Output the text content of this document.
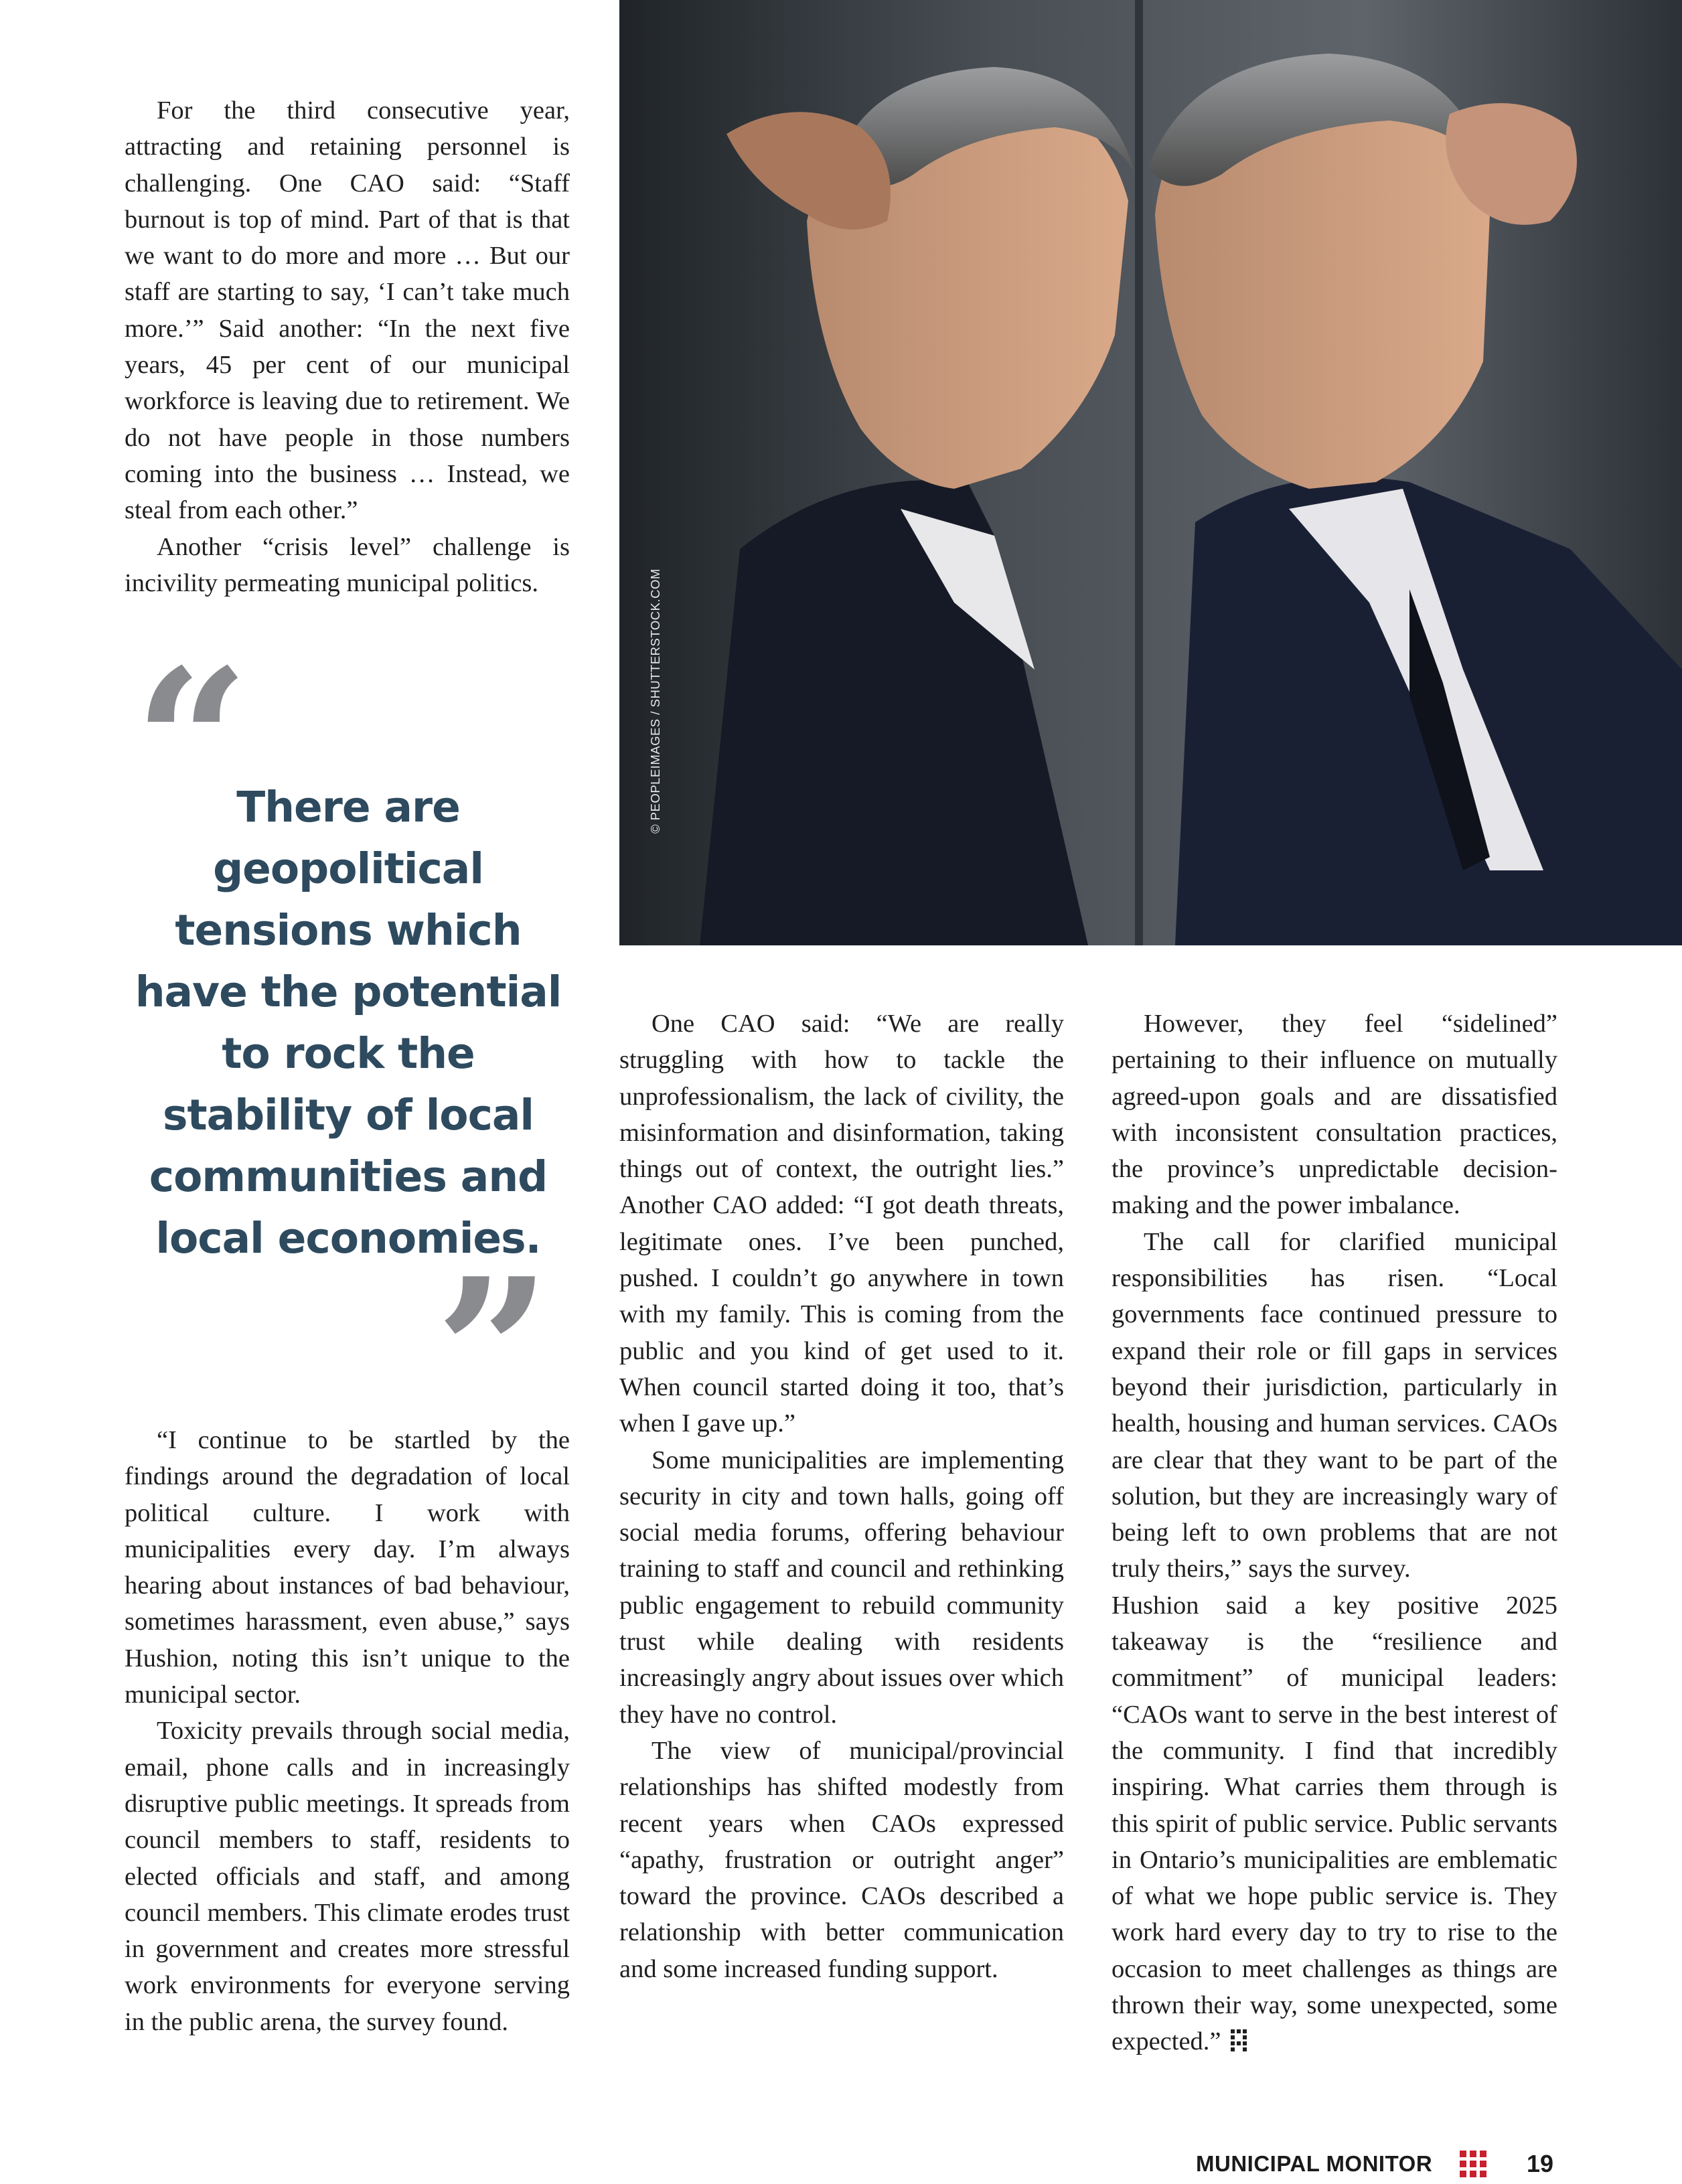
For the third consecutive year, attracting and retaining personnel is challenging. One CAO said: “Staff burnout is top of mind. Part of that is that we want to do more and more … But our staff are starting to say, ‘I can’t take much more.’” Said another: “In the next five years, 45 per cent of our municipal workforce is leaving due to retirement. We do not have people in those numbers coming into the business … Instead, we steal from each other.”

Another “crisis level” challenge is incivility permeating municipal politics.

“
There are geopolitical tensions which have the potential to rock the stability of local communities and local economies.
”

“I continue to be startled by the findings around the degradation of local political culture. I work with municipalities every day. I’m always hearing about instances of bad behaviour, sometimes harassment, even abuse,” says Hushion, noting this isn’t unique to the municipal sector.

Toxicity prevails through social media, email, phone calls and in increasingly disruptive public meetings. It spreads from council members to staff, residents to elected officials and staff, and among council members. This climate erodes trust in government and creates more stressful work environments for everyone serving in the public arena, the survey found.

© PEOPLEIMAGES / SHUTTERSTOCK.COM

One CAO said: “We are really struggling with how to tackle the unprofessionalism, the lack of civility, the misinformation and disinformation, taking things out of context, the outright lies.” Another CAO added: “I got death threats, legitimate ones. I’ve been punched, pushed. I couldn’t go anywhere in town with my family. This is coming from the public and you kind of get used to it. When council started doing it too, that’s when I gave up.”

Some municipalities are implementing security in city and town halls, going off social media forums, offering behaviour training to staff and council and rethinking public engagement to rebuild community trust while dealing with residents increasingly angry about issues over which they have no control.

The view of municipal/provincial relationships has shifted modestly from recent years when CAOs expressed “apathy, frustration or outright anger” toward the province. CAOs described a relationship with better communication and some increased funding support.

However, they feel “sidelined” pertaining to their influence on mutually agreed-upon goals and are dissatisfied with inconsistent consultation practices, the province’s unpredictable decision-making and the power imbalance.

The call for clarified municipal responsibilities has risen. “Local governments face continued pressure to expand their role or fill gaps in services beyond their jurisdiction, particularly in health, housing and human services. CAOs are clear that they want to be part of the solution, but they are increasingly wary of being left to own problems that are not truly theirs,” says the survey.

Hushion said a key positive 2025 takeaway is the “resilience and commitment” of municipal leaders: “CAOs want to serve in the best interest of the community. I find that incredibly inspiring. What carries them through is this spirit of public service. Public servants in Ontario’s municipalities are emblematic of what we hope public service is. They work hard every day to try to rise to the occasion to meet challenges as things are thrown their way, some unexpected, some expected.”

MUNICIPAL MONITOR	19
